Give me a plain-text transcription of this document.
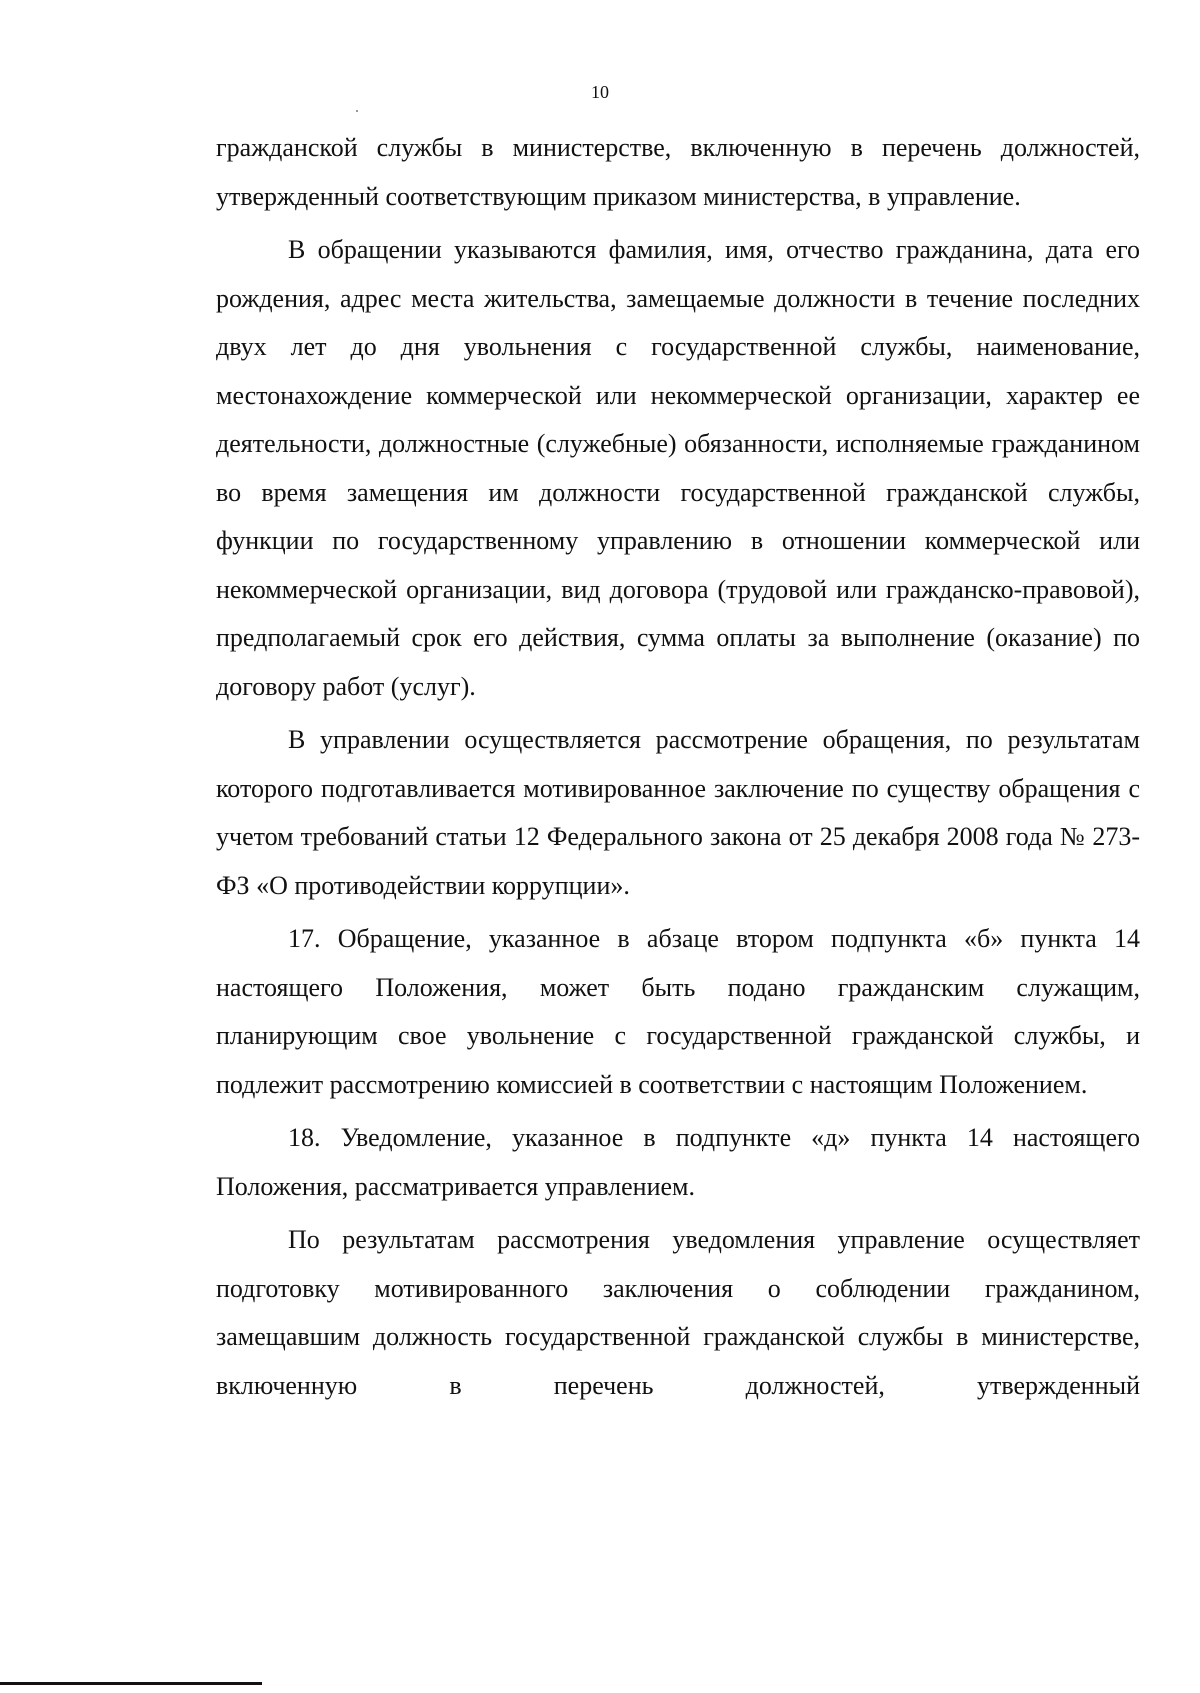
10

гражданской службы в министерстве, включенную в перечень должностей, утвержденный соответствующим приказом министерства, в управление.

В обращении указываются фамилия, имя, отчество гражданина, дата его рождения, адрес места жительства, замещаемые должности в течение последних двух лет до дня увольнения с государственной службы, наименование, местонахождение коммерческой или некоммерческой организации, характер ее деятельности, должностные (служебные) обязанности, исполняемые гражданином во время замещения им должности государственной гражданской службы, функции по государственному управлению в отношении коммерческой или некоммерческой организации, вид договора (трудовой или гражданско-правовой), предполагаемый срок его действия, сумма оплаты за выполнение (оказание) по договору работ (услуг).

В управлении осуществляется рассмотрение обращения, по результатам которого подготавливается мотивированное заключение по существу обращения с учетом требований статьи 12 Федерального закона от 25 декабря 2008 года № 273-ФЗ «О противодействии коррупции».

17. Обращение, указанное в абзаце втором подпункта «б» пункта 14 настоящего Положения, может быть подано гражданским служащим, планирующим свое увольнение с государственной гражданской службы, и подлежит рассмотрению комиссией в соответствии с настоящим Положением.

18. Уведомление, указанное в подпункте «д» пункта 14 настоящего Положения, рассматривается управлением.

По результатам рассмотрения уведомления управление осуществляет подготовку мотивированного заключения о соблюдении гражданином, замещавшим должность государственной гражданской службы в министерстве, включенную в перечень должностей, утвержденный
